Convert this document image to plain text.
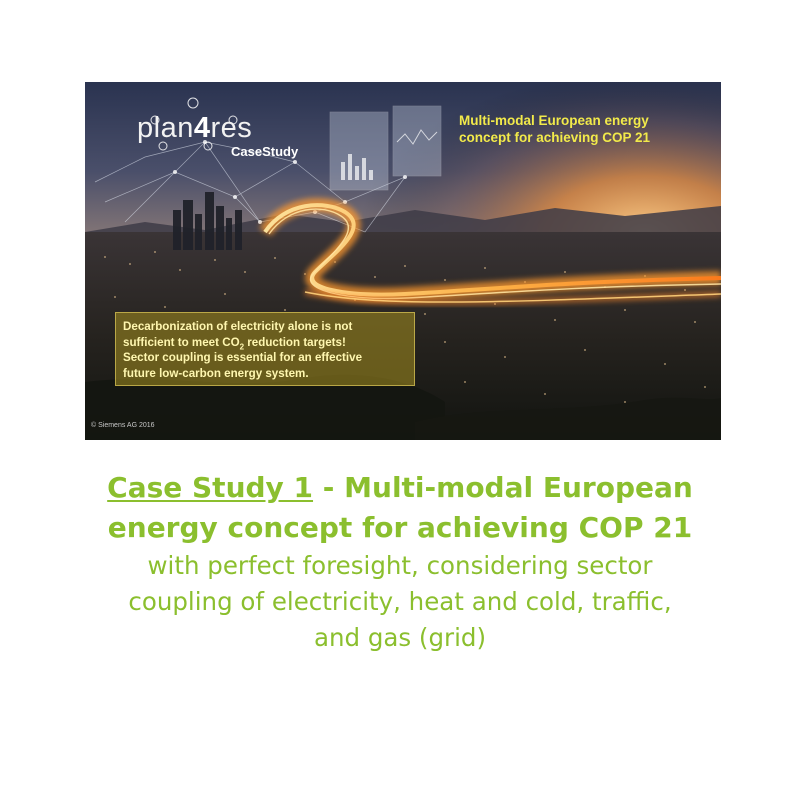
plan4res
CaseStudy
Multi-modal European energy
concept for achieving COP 21
Decarbonization of electricity alone is not
sufficient to meet $CO_2$ reduction targets!
Sector coupling is essential for an effective
future low-carbon energy system.
© Siemens AG 2016
Case Study 1 - Multi-modal European
energy concept for achieving COP 21
with perfect foresight, considering sector
coupling of electricity, heat and cold, traffic,
and gas (grid)
